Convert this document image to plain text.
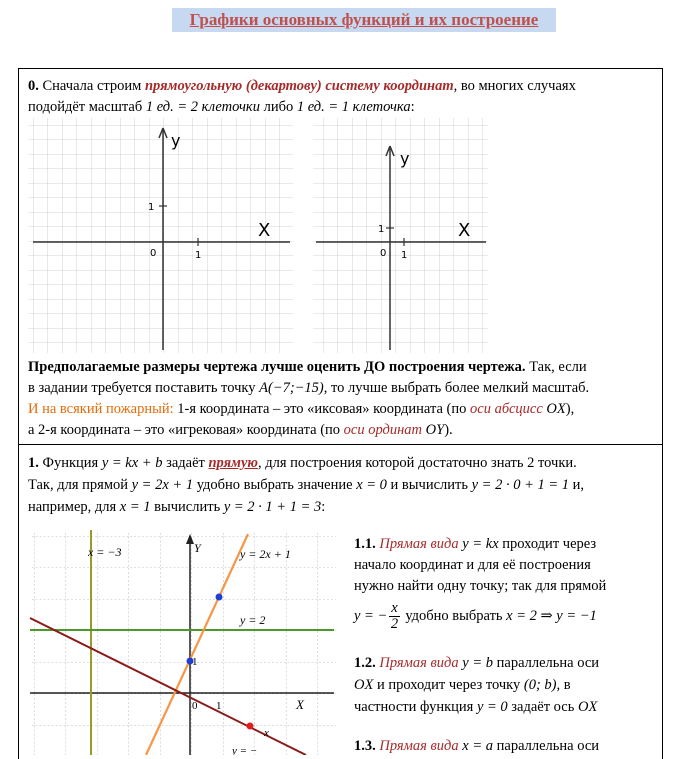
Графики основных функций и их построение
0. Сначала строим прямоугольную (декартову) систему координат, во многих случаях
подойдёт масштаб 1 ед. = 2 клеточки либо 1 ед. = 1 клеточка:
y
X
0	1
1
y
X
0 1
1
Предполагаемые размеры чертежа лучше оценить ДО построения чертежа. Так, если
в задании требуется поставить точку A(−7;−15), то лучше выбрать более мелкий масштаб.
И на всякий пожарный: 1-я координата – это «иксовая» координата (по оси абсцисс OX),
а 2-я координата – это «игрековая» координата (по оси ординат OY).
1. Функция y = kx + b задаёт прямую, для построения которой достаточно знать 2 точки.
Так, для прямой y = 2x + 1 удобно выбрать значение x = 0 и вычислить y = 2 · 0 + 1 = 1 и,
например, для x = 1 вычислить y = 2 · 1 + 1 = 3:
x = −3	Y	y = 2x + 1
y = 2
1
0 1	X
x
y = −
1.1. Прямая вида y = kx проходит через
начало координат и для её построения
нужно найти одну точку; так для прямой
y = − $\frac{x}{2}$ удобно выбрать x = 2 ⇒ y = −1
1.2. Прямая вида y = b параллельна оси
OX и проходит через точку (0; b), в
частности функция y = 0 задаёт ось OX
1.3. Прямая вида x = a параллельна оси
